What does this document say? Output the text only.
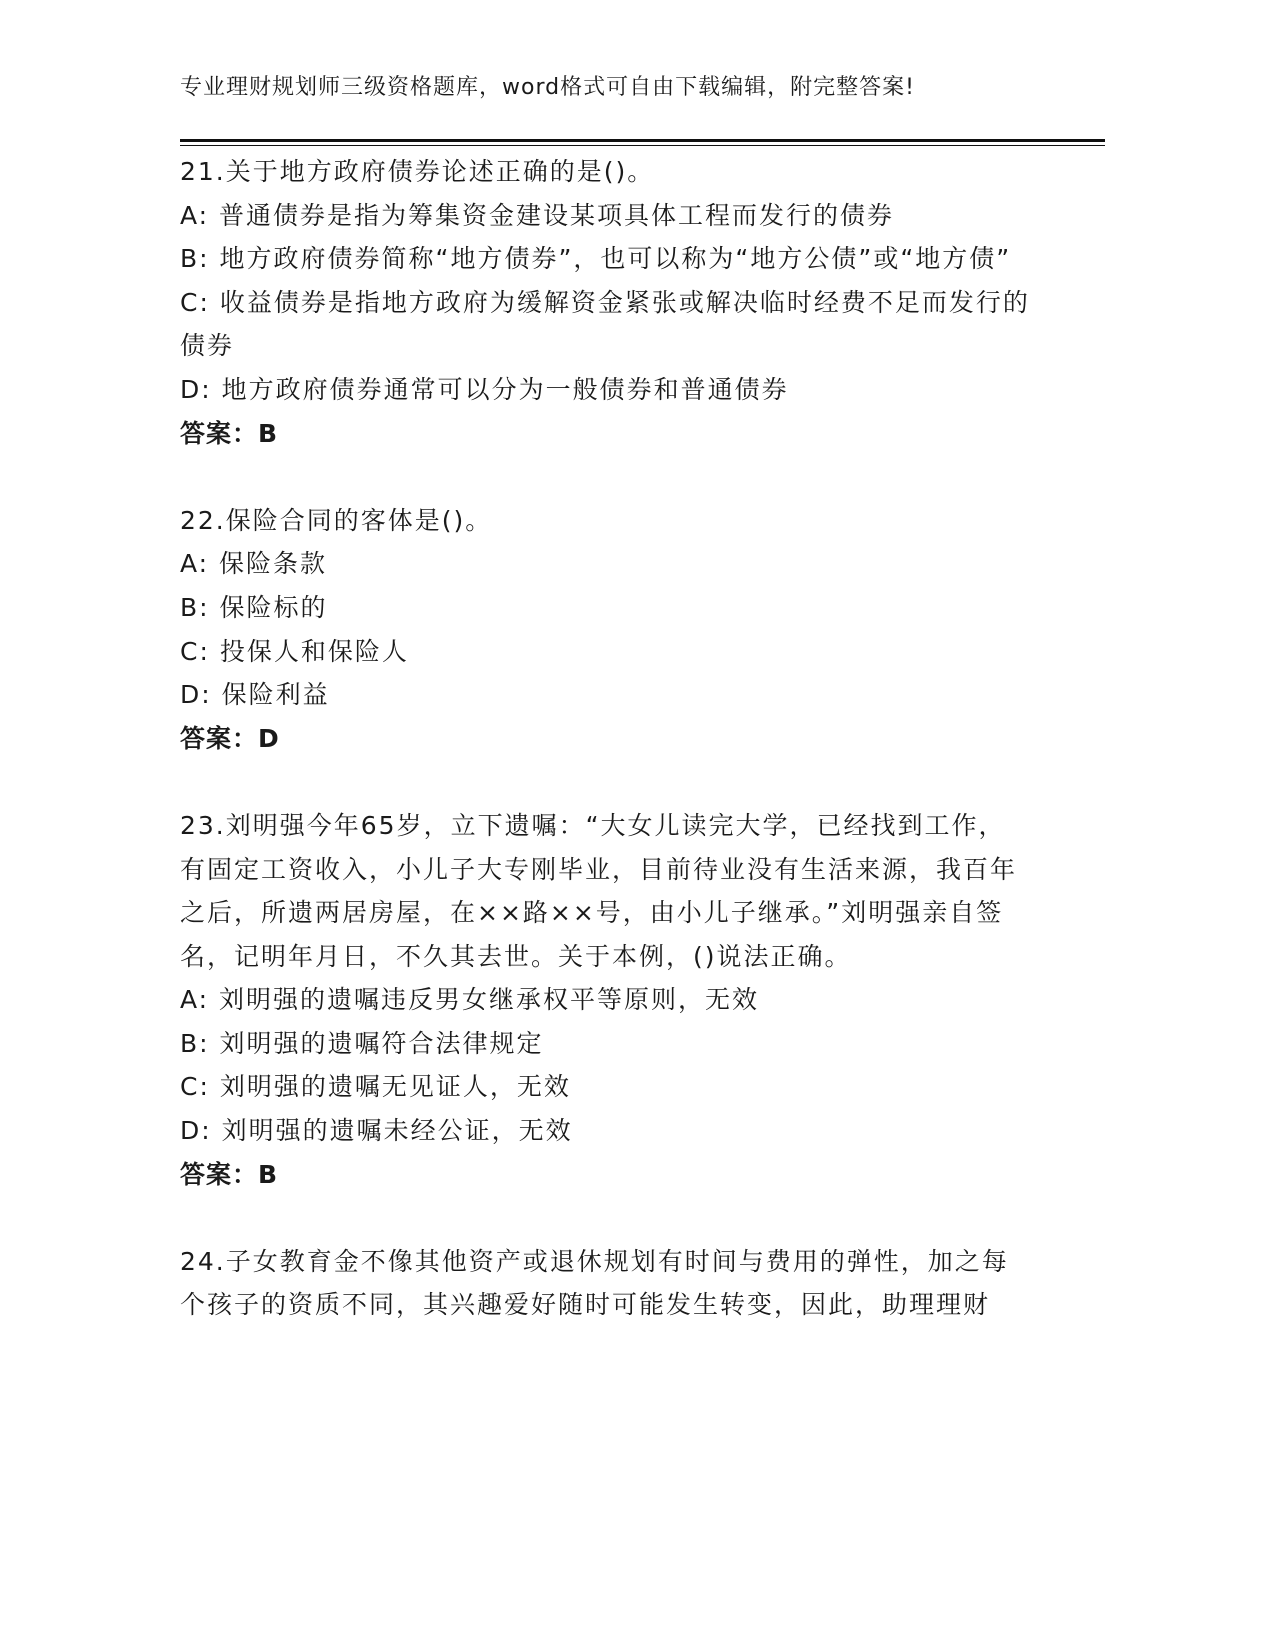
专业理财规划师三级资格题库，word格式可自由下载编辑，附完整答案!

21.关于地方政府债券论述正确的是()。

A: 普通债券是指为筹集资金建设某项具体工程而发行的债券

B: 地方政府债券简称“地方债券”，也可以称为“地方公债”或“地方债”

C: 收益债券是指地方政府为缓解资金紧张或解决临时经费不足而发行的债券

D: 地方政府债券通常可以分为一般债券和普通债券

答案：B

22.保险合同的客体是()。

A: 保险条款

B: 保险标的

C: 投保人和保险人

D: 保险利益

答案：D

23.刘明强今年65岁，立下遗嘱：“大女儿读完大学，已经找到工作，有固定工资收入，小儿子大专刚毕业，目前待业没有生活来源，我百年之后，所遗两居房屋，在××路××号，由小儿子继承。”刘明强亲自签名，记明年月日，不久其去世。关于本例，()说法正确。

A: 刘明强的遗嘱违反男女继承权平等原则，无效

B: 刘明强的遗嘱符合法律规定

C: 刘明强的遗嘱无见证人，无效

D: 刘明强的遗嘱未经公证，无效

答案：B

24.子女教育金不像其他资产或退休规划有时间与费用的弹性，加之每个孩子的资质不同，其兴趣爱好随时可能发生转变，因此，助理理财
